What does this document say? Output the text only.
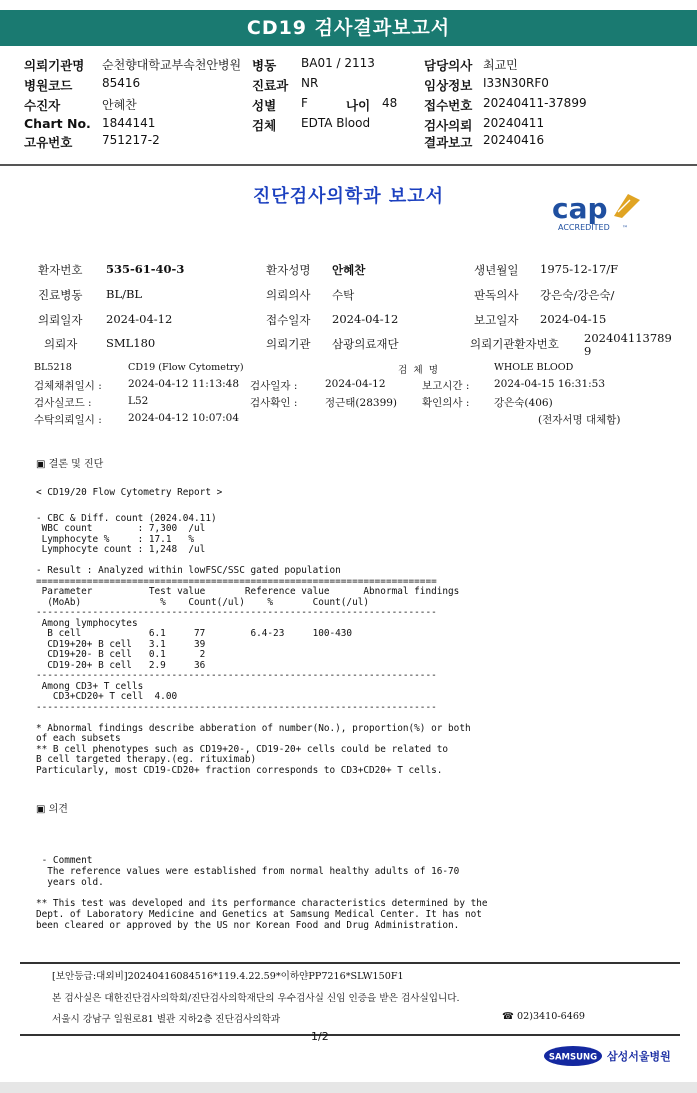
CD19 검사결과보고서
의뢰기관명 순천향대학교부속천안병원
병원코드 85416
수진자	안혜찬
Chart No. 1844141
고유번호 751217-2
병동 BA01 / 2113
진료과 NR
성별 F	나이 48
검체 EDTA Blood
담당의사 최교민
임상정보 I33N30RF0
접수번호 20240411-37899
검사의뢰 20240411
결과보고 20240416
진단검사의학과 보고서	cap
ACCREDITED ™
환자번호 535-61-40-3	환자성명 안혜찬	생년월일 1975-12-17/F
진료병동 BL/BL	의뢰의사 수탁	판독의사 강은숙/강은숙/
의뢰일자 2024-04-12	접수일자 2024-04-12	보고일자 2024-04-15
의뢰자 SML180	의뢰기관 삼광의료재단	의뢰기관환자번호 202404113789
9
BL5218	CD19 (Flow Cytometry)	검  체  명	WHOLE BLOOD
검체채취일시 :	2024-04-12 11:13:48 검사일자 :	2024-04-12	보고시간 : 2024-04-15 16:31:53
검사실코드 :	L52	검사확인 :	정근태(28399) 확인의사 : 강은숙(406)
수탁의뢰일시 :	2024-04-12 10:07:04	(전자서명 대체함)
▣ 결론 및 진단
< CD19/20 Flow Cytometry Report >
- CBC & Diff. count (2024.04.11)
WBC count        : 7,300  /ul
Lymphocyte %     : 17.1   %
Lymphocyte count : 1,248  /ul
- Result : Analyzed within lowFSC/SSC gated population
=======================================================================
Parameter          Test value       Reference value      Abnormal findings
(MoAb)              %    Count(/ul)    %       Count(/ul)
-----------------------------------------------------------------------
Among lymphocytes
B cell            6.1     77        6.4-23     100-430
CD19+20+ B cell   3.1     39
CD19+20- B cell   0.1      2
CD19-20+ B cell   2.9     36
-----------------------------------------------------------------------
Among CD3+ T cells
CD3+CD20+ T cell  4.00
-----------------------------------------------------------------------
* Abnormal findings describe abberation of number(No.), proportion(%) or both
of each subsets
** B cell phenotypes such as CD19+20-, CD19-20+ cells could be related to
B cell targeted therapy.(eg. rituximab)
Particularly, most CD19-CD20+ fraction corresponds to CD3+CD20+ T cells.
▣ 의견
- Comment
The reference values were established from normal healthy adults of 16-70
years old.
** This test was developed and its performance characteristics determined by the
Dept. of Laboratory Medicine and Genetics at Samsung Medical Center. It has not
been cleared or approved by the US nor Korean Food and Drug Administration.
[보안등급:대외비]20240416084516*119.4.22.59*이하얀PP7216*SLW150F1
본 검사실은 대한진단검사의학회/진단검사의학재단의 우수검사실 신임 인증을 받은 검사실입니다.
서울시 강남구 일원로81 별관 지하2층 진단검사의학과	☎ 02)3410-6469
1/2
SAMSUNG 삼성서울병원
